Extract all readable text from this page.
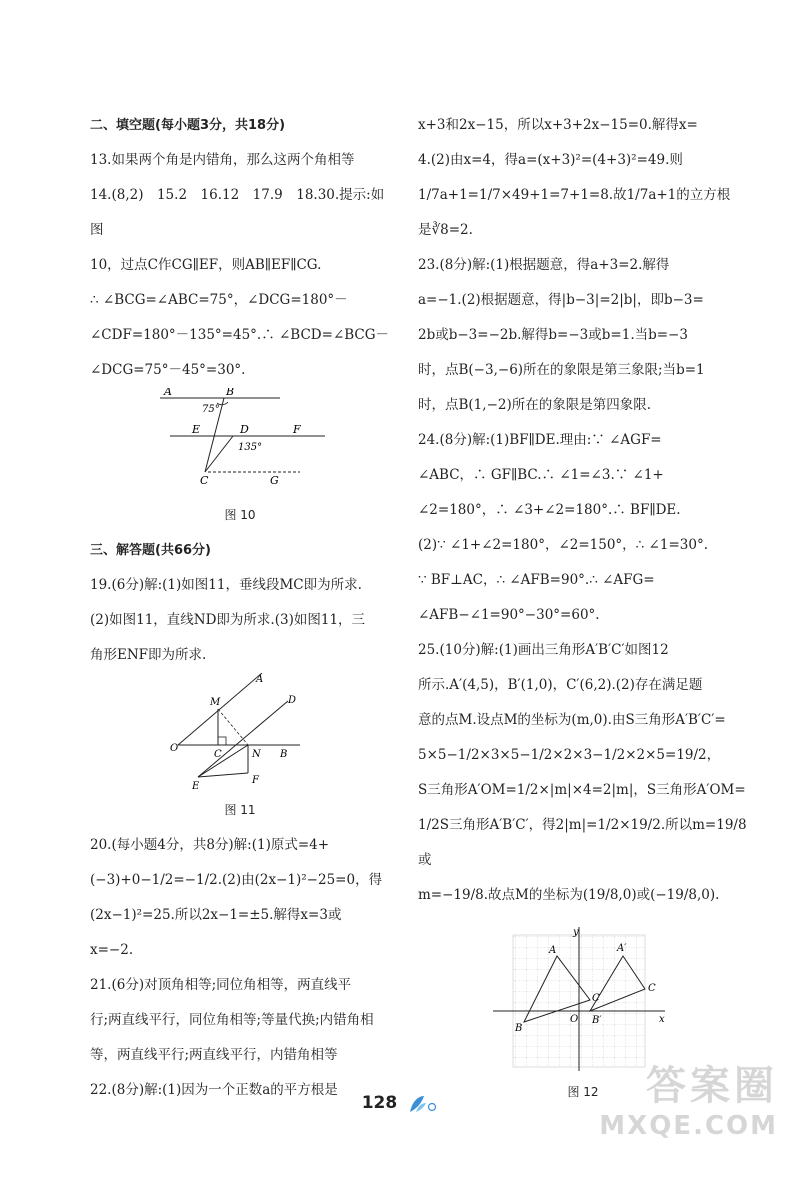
二、填空题(每小题3分，共18分)

13.如果两个角是内错角，那么这两个角相等

14.(8,2)　15.2　16.12　17.9　18.30.提示:如图

10，过点C作CG∥EF，则AB∥EF∥CG.

∴ ∠BCG=∠ABC=75°，∠DCG=180°－

∠CDF=180°－135°=45°.∴ ∠BCD=∠BCG－

∠DCG=75°－45°=30°.

A	B
75°
E	D	F
135°
C	G

图 10

三、解答题(共66分)

19.(6分)解:(1)如图11，垂线段MC即为所求.

(2)如图11，直线ND即为所求.(3)如图11，三

角形ENF即为所求.

A
M	D
O
C	N B
E
F

图 11

20.(每小题4分，共8分)解:(1)原式=4+

(−3)+0−1/2=−1/2.(2)由(2x−1)²−25=0，得

(2x−1)²=25.所以2x−1=±5.解得x=3或

x=−2.

21.(6分)对顶角相等;同位角相等，两直线平

行;两直线平行，同位角相等;等量代换;内错角相

等，两直线平行;两直线平行，内错角相等

22.(8分)解:(1)因为一个正数a的平方根是

x+3和2x−15，所以x+3+2x−15=0.解得x=

4.(2)由x=4，得a=(x+3)²=(4+3)²=49.则

1/7a+1=1/7×49+1=7+1=8.故1/7a+1的立方根

是∛8=2.

23.(8分)解:(1)根据题意，得a+3=2.解得

a=−1.(2)根据题意，得|b−3|=2|b|，即b−3=

2b或b−3=−2b.解得b=−3或b=1.当b=−3

时，点B(−3,−6)所在的象限是第三象限;当b=1

时，点B(1,−2)所在的象限是第四象限.

24.(8分)解:(1)BF∥DE.理由:∵ ∠AGF=

∠ABC，∴ GF∥BC.∴ ∠1=∠3.∵ ∠1+

∠2=180°，∴ ∠3+∠2=180°.∴ BF∥DE.

(2)∵ ∠1+∠2=180°，∠2=150°，∴ ∠1=30°.

∵ BF⊥AC，∴ ∠AFB=90°.∴ ∠AFG=

∠AFB−∠1=90°−30°=60°.

25.(10分)解:(1)画出三角形A′B′C′如图12

所示.A′(4,5)，B′(1,0)，C′(6,2).(2)存在满足题

意的点M.设点M的坐标为(m,0).由S三角形A′B′C′=

5×5−1/2×3×5−1/2×2×3−1/2×2×5=19/2，

S三角形A′OM=1/2×|m|×4=2|m|，S三角形A′OM=

1/2S三角形A′B′C′，得2|m|=1/2×19/2.所以m=19/8或

m=−19/8.故点M的坐标为(19/8,0)或(−19/8,0).

y
A′
A
C
C
O B′
B
x

图 12

128	答案圈
MXQE.COM
